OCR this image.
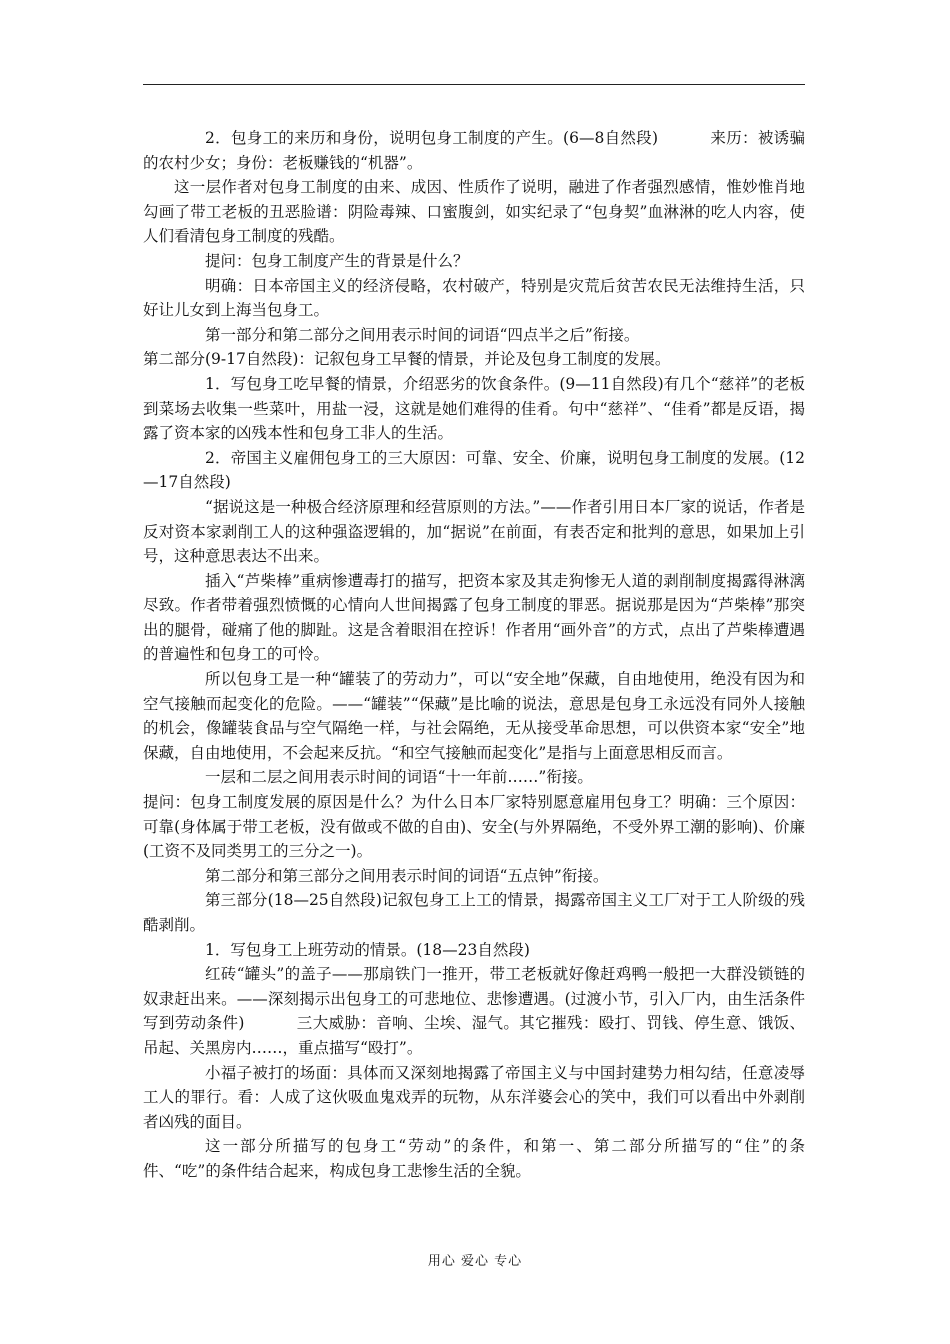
2．包身工的来历和身份，说明包身工制度的产生。(6—8自然段)	来历：被诱骗的农村少女；身份：老板赚钱的“机器”。

这一层作者对包身工制度的由来、成因、性质作了说明，融进了作者强烈感情，惟妙惟肖地勾画了带工老板的丑恶脸谱：阴险毒辣、口蜜腹剑，如实纪录了“包身契”血淋淋的吃人内容，使人们看清包身工制度的残酷。

提问：包身工制度产生的背景是什么？

明确：日本帝国主义的经济侵略，农村破产，特别是灾荒后贫苦农民无法维持生活，只好让儿女到上海当包身工。

第一部分和第二部分之间用表示时间的词语“四点半之后”衔接。

第二部分(9-17自然段)：记叙包身工早餐的情景，并论及包身工制度的发展。

1．写包身工吃早餐的情景，介绍恶劣的饮食条件。(9—11自然段)有几个“慈祥”的老板到菜场去收集一些菜叶，用盐一浸，这就是她们难得的佳肴。句中“慈祥”、“佳肴”都是反语，揭露了资本家的凶残本性和包身工非人的生活。

2．帝国主义雇佣包身工的三大原因：可靠、安全、价廉，说明包身工制度的发展。(12—17自然段)

“据说这是一种极合经济原理和经营原则的方法。”——作者引用日本厂家的说话，作者是反对资本家剥削工人的这种强盗逻辑的，加“据说”在前面，有表否定和批判的意思，如果加上引号，这种意思表达不出来。

插入“芦柴棒”重病惨遭毒打的描写，把资本家及其走狗惨无人道的剥削制度揭露得淋漓尽致。作者带着强烈愤慨的心情向人世间揭露了包身工制度的罪恶。据说那是因为“芦柴棒”那突出的腿骨，碰痛了他的脚趾。这是含着眼泪在控诉！作者用“画外音”的方式，点出了芦柴棒遭遇的普遍性和包身工的可怜。

所以包身工是一种“罐装了的劳动力”，可以“安全地”保藏，自由地使用，绝没有因为和空气接触而起变化的危险。——“罐装”“保藏”是比喻的说法，意思是包身工永远没有同外人接触的机会，像罐装食品与空气隔绝一样，与社会隔绝，无从接受革命思想，可以供资本家“安全”地保藏，自由地使用，不会起来反抗。“和空气接触而起变化”是指与上面意思相反而言。

一层和二层之间用表示时间的词语“十一年前……”衔接。

提问：包身工制度发展的原因是什么？为什么日本厂家特别愿意雇用包身工？明确：三个原因：可靠(身体属于带工老板，没有做或不做的自由)、安全(与外界隔绝，不受外界工潮的影响)、价廉(工资不及同类男工的三分之一)。

第二部分和第三部分之间用表示时间的词语“五点钟”衔接。

第三部分(18—25自然段)记叙包身工上工的情景，揭露帝国主义工厂对于工人阶级的残酷剥削。

1．写包身工上班劳动的情景。(18—23自然段)

红砖“罐头”的盖子——那扇铁门一推开，带工老板就好像赶鸡鸭一般把一大群没锁链的奴隶赶出来。——深刻揭示出包身工的可悲地位、悲惨遭遇。(过渡小节，引入厂内，由生活条件写到劳动条件)	三大威胁：音响、尘埃、湿气。其它摧残：殴打、罚钱、停生意、饿饭、吊起、关黑房内……，重点描写“殴打”。

小福子被打的场面：具体而又深刻地揭露了帝国主义与中国封建势力相勾结，任意凌辱工人的罪行。看：人成了这伙吸血鬼戏弄的玩物，从东洋婆会心的笑中，我们可以看出中外剥削者凶残的面目。

这一部分所描写的包身工“劳动”的条件，和第一、第二部分所描写的“住”的条件、“吃”的条件结合起来，构成包身工悲惨生活的全貌。

用心 爱心 专心
